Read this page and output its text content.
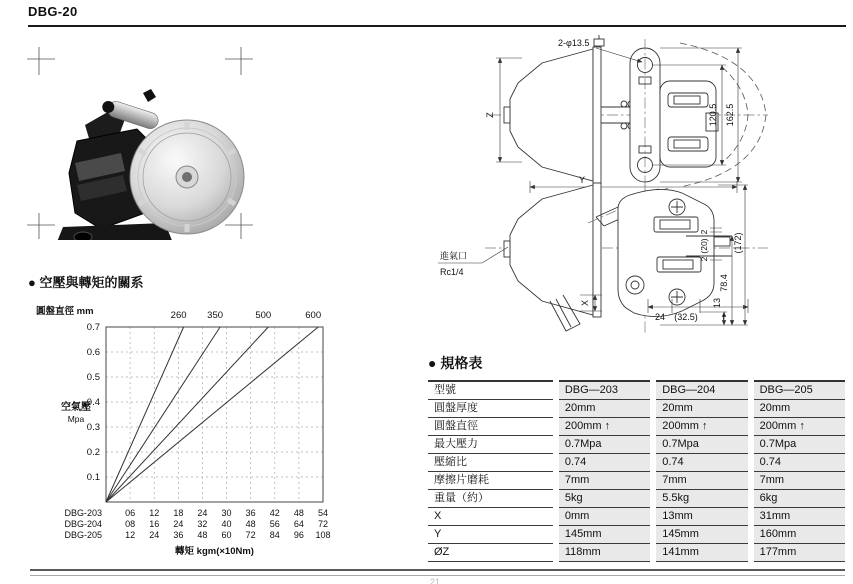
DBG-20
Z
2-φ13.5
120.5 162.5
Y
2
(20)
2
(172)
78.4
13
24 (32.5)	r
X
進氣口
Rc1/4
● 空壓與轉矩的關系
圓盤直徑 mm
0.7
0.6
0.5
0.4
0.3
0.2
0.1
空氣壓
Mpa
260 350	500	600
DBG-203	06 12 18 24 30 36 42 48 54
DBG-204	08 16 24 32 40 48 56 64 72
DBG-205	12 24 36 48 60 72 84 96 108
轉矩 kgm(×10Nm)
● 規格表
型號	DBG—203	DBG—204	DBG—205
圓盤厚度	20mm	20mm	20mm
圓盤直徑	200mm ↑	200mm ↑	200mm ↑
最大壓力	0.7Mpa	0.7Mpa	0.7Mpa
壓縮比	0.74	0.74	0.74
摩擦片磨耗	7mm	7mm	7mm
重量（約）	5kg	5.5kg	6kg
X	0mm	13mm	31mm
Y	145mm	145mm	160mm
ØZ	118mm	141mm	177mm
21
